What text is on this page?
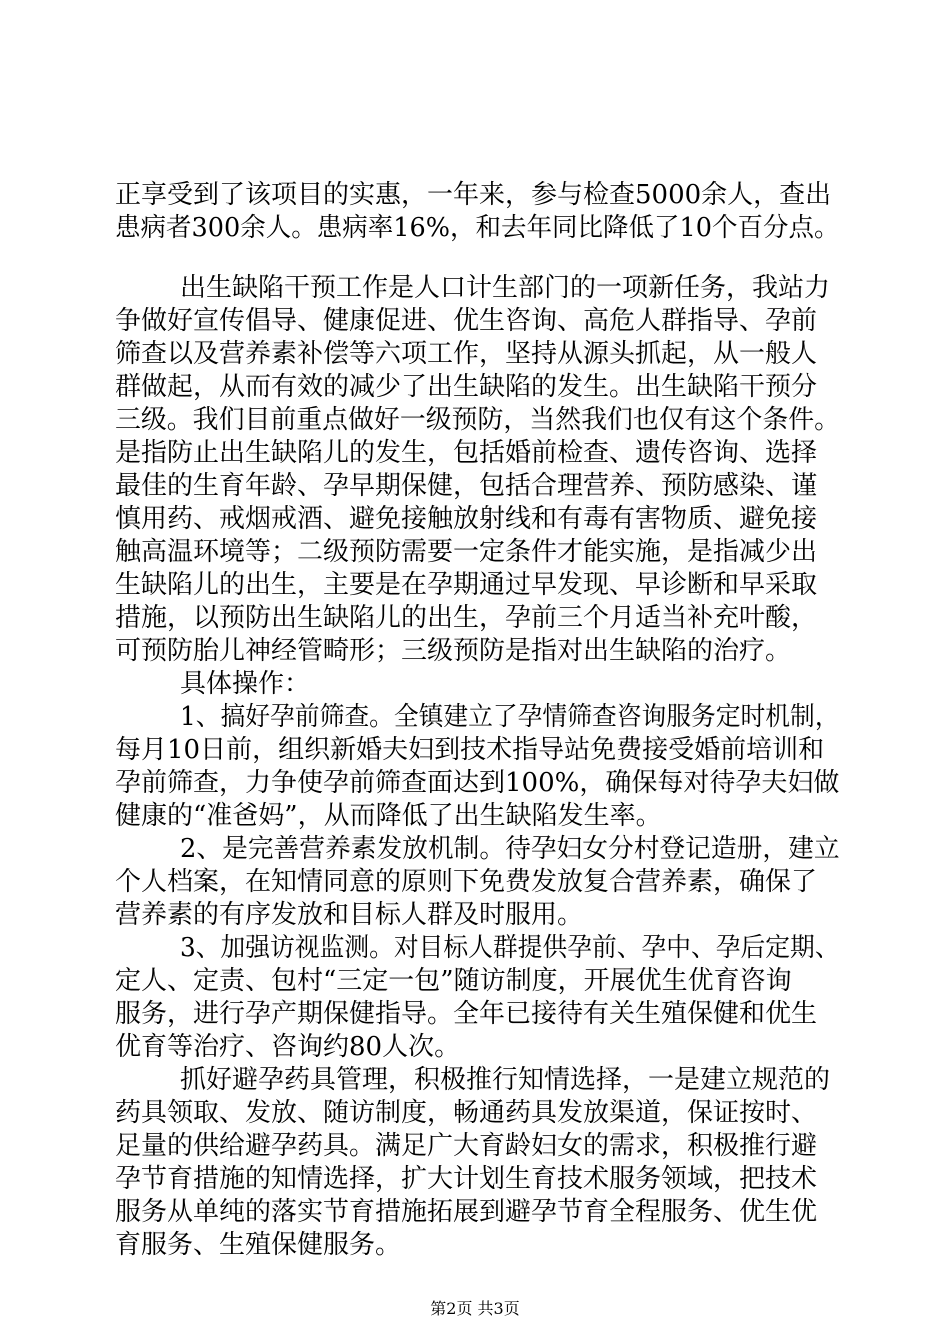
正享受到了该项目的实惠，一年来，参与检查5000余人，查出
患病者300余人。患病率16%，和去年同比降低了10个百分点。
出生缺陷干预工作是人口计生部门的一项新任务，我站力
争做好宣传倡导、健康促进、优生咨询、高危人群指导、孕前
筛查以及营养素补偿等六项工作，坚持从源头抓起，从一般人
群做起，从而有效的减少了出生缺陷的发生。出生缺陷干预分
三级。我们目前重点做好一级预防，当然我们也仅有这个条件。
是指防止出生缺陷儿的发生，包括婚前检查、遗传咨询、选择
最佳的生育年龄、孕早期保健，包括合理营养、预防感染、谨
慎用药、戒烟戒酒、避免接触放射线和有毒有害物质、避免接
触高温环境等；二级预防需要一定条件才能实施，是指减少出
生缺陷儿的出生，主要是在孕期通过早发现、早诊断和早采取
措施，以预防出生缺陷儿的出生，孕前三个月适当补充叶酸，
可预防胎儿神经管畸形；三级预防是指对出生缺陷的治疗。
具体操作：
1、搞好孕前筛查。全镇建立了孕情筛查咨询服务定时机制，
每月10日前，组织新婚夫妇到技术指导站免费接受婚前培训和
孕前筛查，力争使孕前筛查面达到100%，确保每对待孕夫妇做
健康的“准爸妈”，从而降低了出生缺陷发生率。
2、是完善营养素发放机制。待孕妇女分村登记造册，建立
个人档案，在知情同意的原则下免费发放复合营养素，确保了
营养素的有序发放和目标人群及时服用。
3、加强访视监测。对目标人群提供孕前、孕中、孕后定期、
定人、定责、包村“三定一包”随访制度，开展优生优育咨询
服务，进行孕产期保健指导。全年已接待有关生殖保健和优生
优育等治疗、咨询约80人次。
抓好避孕药具管理，积极推行知情选择，一是建立规范的
药具领取、发放、随访制度，畅通药具发放渠道，保证按时、
足量的供给避孕药具。满足广大育龄妇女的需求，积极推行避
孕节育措施的知情选择，扩大计划生育技术服务领域，把技术
服务从单纯的落实节育措施拓展到避孕节育全程服务、优生优
育服务、生殖保健服务。
第2页 共3页
